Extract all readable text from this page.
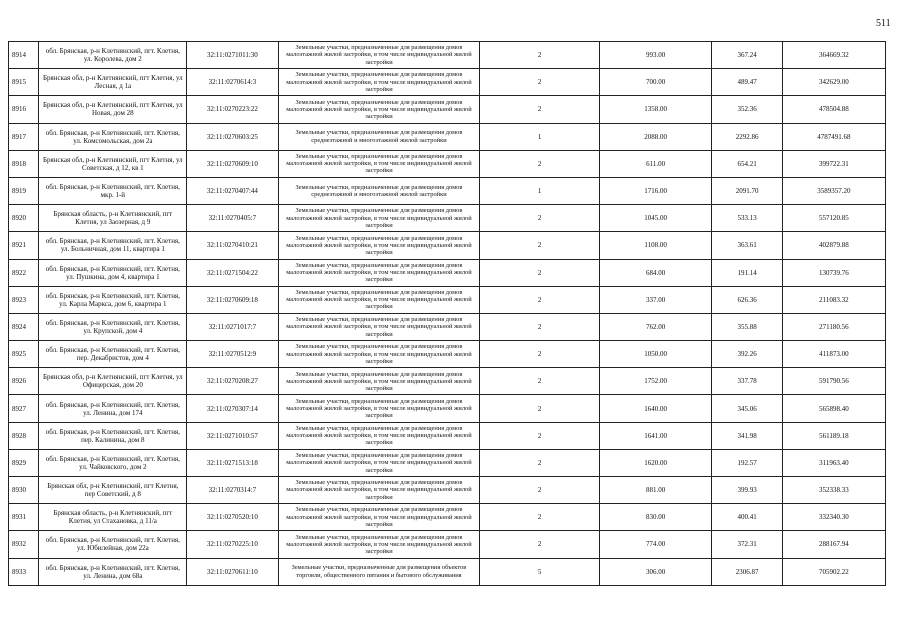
511
8914	обл. Брянская, р-н Клетнянский, пгт. Клетня, ул. Королева, дом 2	32:11:0271011:30	Земельные участки, предназначенные для размещения домов малоэтажной жилой застройки, в том числе индивидуальной жилой застройки	2	993.00	367.24	364669.32
8915	Брянская обл, р-н Клетнянский, пгт Клетня, ул Лесная, д 1а	32:11:0270614:3	Земельные участки, предназначенные для размещения домов малоэтажной жилой застройки, в том числе индивидуальной жилой застройки	2	700.00	489.47	342629.00
8916	Брянская обл, р-н Клетнянский, пгт Клетня, ул Новая, дом 28	32:11:0270223:22	Земельные участки, предназначенные для размещения домов малоэтажной жилой застройки, в том числе индивидуальной жилой застройки	2	1358.00	352.36	478504.88
8917	обл. Брянская, р-н Клетнянский, пгт. Клетня, ул. Комсомольская, дом 2а	32:11:0270603:25	Земельные участки, предназначенные для размещения домов среднеэтажной и многоэтажной жилой застройки	1	2088.00	2292.86	4787491.68
8918	Брянская обл, р-н Клетнянский, пгт Клетня, ул Советская, д 12, кв 1	32:11:0270609:10	Земельные участки, предназначенные для размещения домов малоэтажной жилой застройки, в том числе индивидуальной жилой застройки	2	611.00	654.21	399722.31
8919	обл. Брянская, р-н Клетнянский, пгт. Клетня, мкр. 1-й	32:11:0270407:44	Земельные участки, предназначенные для размещения домов среднеэтажной и многоэтажной жилой застройки	1	1716.00	2091.70	3589357.20
8920	Брянская область, р-н Клетнянский, пгт Клетня, ул Заозерная, д 9	32:11:0270405:7	Земельные участки, предназначенные для размещения домов малоэтажной жилой застройки, в том числе индивидуальной жилой застройки	2	1045.00	533.13	557120.85
8921	обл. Брянская, р-н Клетнянский, пгт. Клетня, ул. Больничная, дом 11, квартира 1	32:11:0270410:21	Земельные участки, предназначенные для размещения домов малоэтажной жилой застройки, в том числе индивидуальной жилой застройки	2	1108.00	363.61	402879.88
8922	обл. Брянская, р-н Клетнянский, пгт. Клетня, ул. Пушкина, дом 4, квартира 1	32:11:0271504:22	Земельные участки, предназначенные для размещения домов малоэтажной жилой застройки, в том числе индивидуальной жилой застройки	2	684.00	191.14	130739.76
8923	обл. Брянская, р-н Клетнянский, пгт. Клетня, ул. Карла Маркса, дом 6, квартира 1	32:11:0270609:18	Земельные участки, предназначенные для размещения домов малоэтажной жилой застройки, в том числе индивидуальной жилой застройки	2	337.00	626.36	211083.32
8924	обл. Брянская, р-н Клетнянский, пгт. Клетня, ул. Крупской, дом 4	32:11:0271017:7	Земельные участки, предназначенные для размещения домов малоэтажной жилой застройки, в том числе индивидуальной жилой застройки	2	762.00	355.88	271180.56
8925	обл. Брянская, р-н Клетнянский, пгт. Клетня, пер. Декабристов, дом 4	32:11:0270512:9	Земельные участки, предназначенные для размещения домов малоэтажной жилой застройки, в том числе индивидуальной жилой застройки	2	1050.00	392.26	411873.00
8926	Брянская обл, р-н Клетнянский, пгт Клетня, ул Офицерская, дом 20	32:11:0270208:27	Земельные участки, предназначенные для размещения домов малоэтажной жилой застройки, в том числе индивидуальной жилой застройки	2	1752.00	337.78	591790.56
8927	обл. Брянская, р-н Клетнянский, пгт. Клетня, ул. Ленина, дом 174	32:11:0270307:14	Земельные участки, предназначенные для размещения домов малоэтажной жилой застройки, в том числе индивидуальной жилой застройки	2	1640.00	345.06	565898.40
8928	обл. Брянская, р-н Клетнянский, пгт. Клетня, пер. Калинина, дом 8	32:11:0271010:57	Земельные участки, предназначенные для размещения домов малоэтажной жилой застройки, в том числе индивидуальной жилой застройки	2	1641.00	341.98	561189.18
8929	обл. Брянская, р-н Клетнянский, пгт. Клетня, ул. Чайковского, дом 2	32:11:0271513:18	Земельные участки, предназначенные для размещения домов малоэтажной жилой застройки, в том числе индивидуальной жилой застройки	2	1620.00	192.57	311963.40
8930	Брянская обл, р-н Клетнянский, пгт Клетня, пер Советский, д 8	32:11:0270314:7	Земельные участки, предназначенные для размещения домов малоэтажной жилой застройки, в том числе индивидуальной жилой застройки	2	881.00	399.93	352338.33
8931	Брянская область, р-н Клетнянский, пгт Клетня, ул Стахановка, д 11/а	32:11:0270520:10	Земельные участки, предназначенные для размещения домов малоэтажной жилой застройки, в том числе индивидуальной жилой застройки	2	830.00	400.41	332340.30
8932	обл. Брянская, р-н Клетнянский, пгт. Клетня, ул. Юбилейная, дом 22а	32:11:0270225:10	Земельные участки, предназначенные для размещения домов малоэтажной жилой застройки, в том числе индивидуальной жилой застройки	2	774.00	372.31	288167.94
8933	обл. Брянская, р-н Клетнянский, пгт. Клетня, ул. Ленина, дом 68а	32:11:0270611:10	Земельные участки, предназначенные для размещения объектов торговли, общественного питания и бытового обслуживания	5	306.00	2306.87	705902.22
